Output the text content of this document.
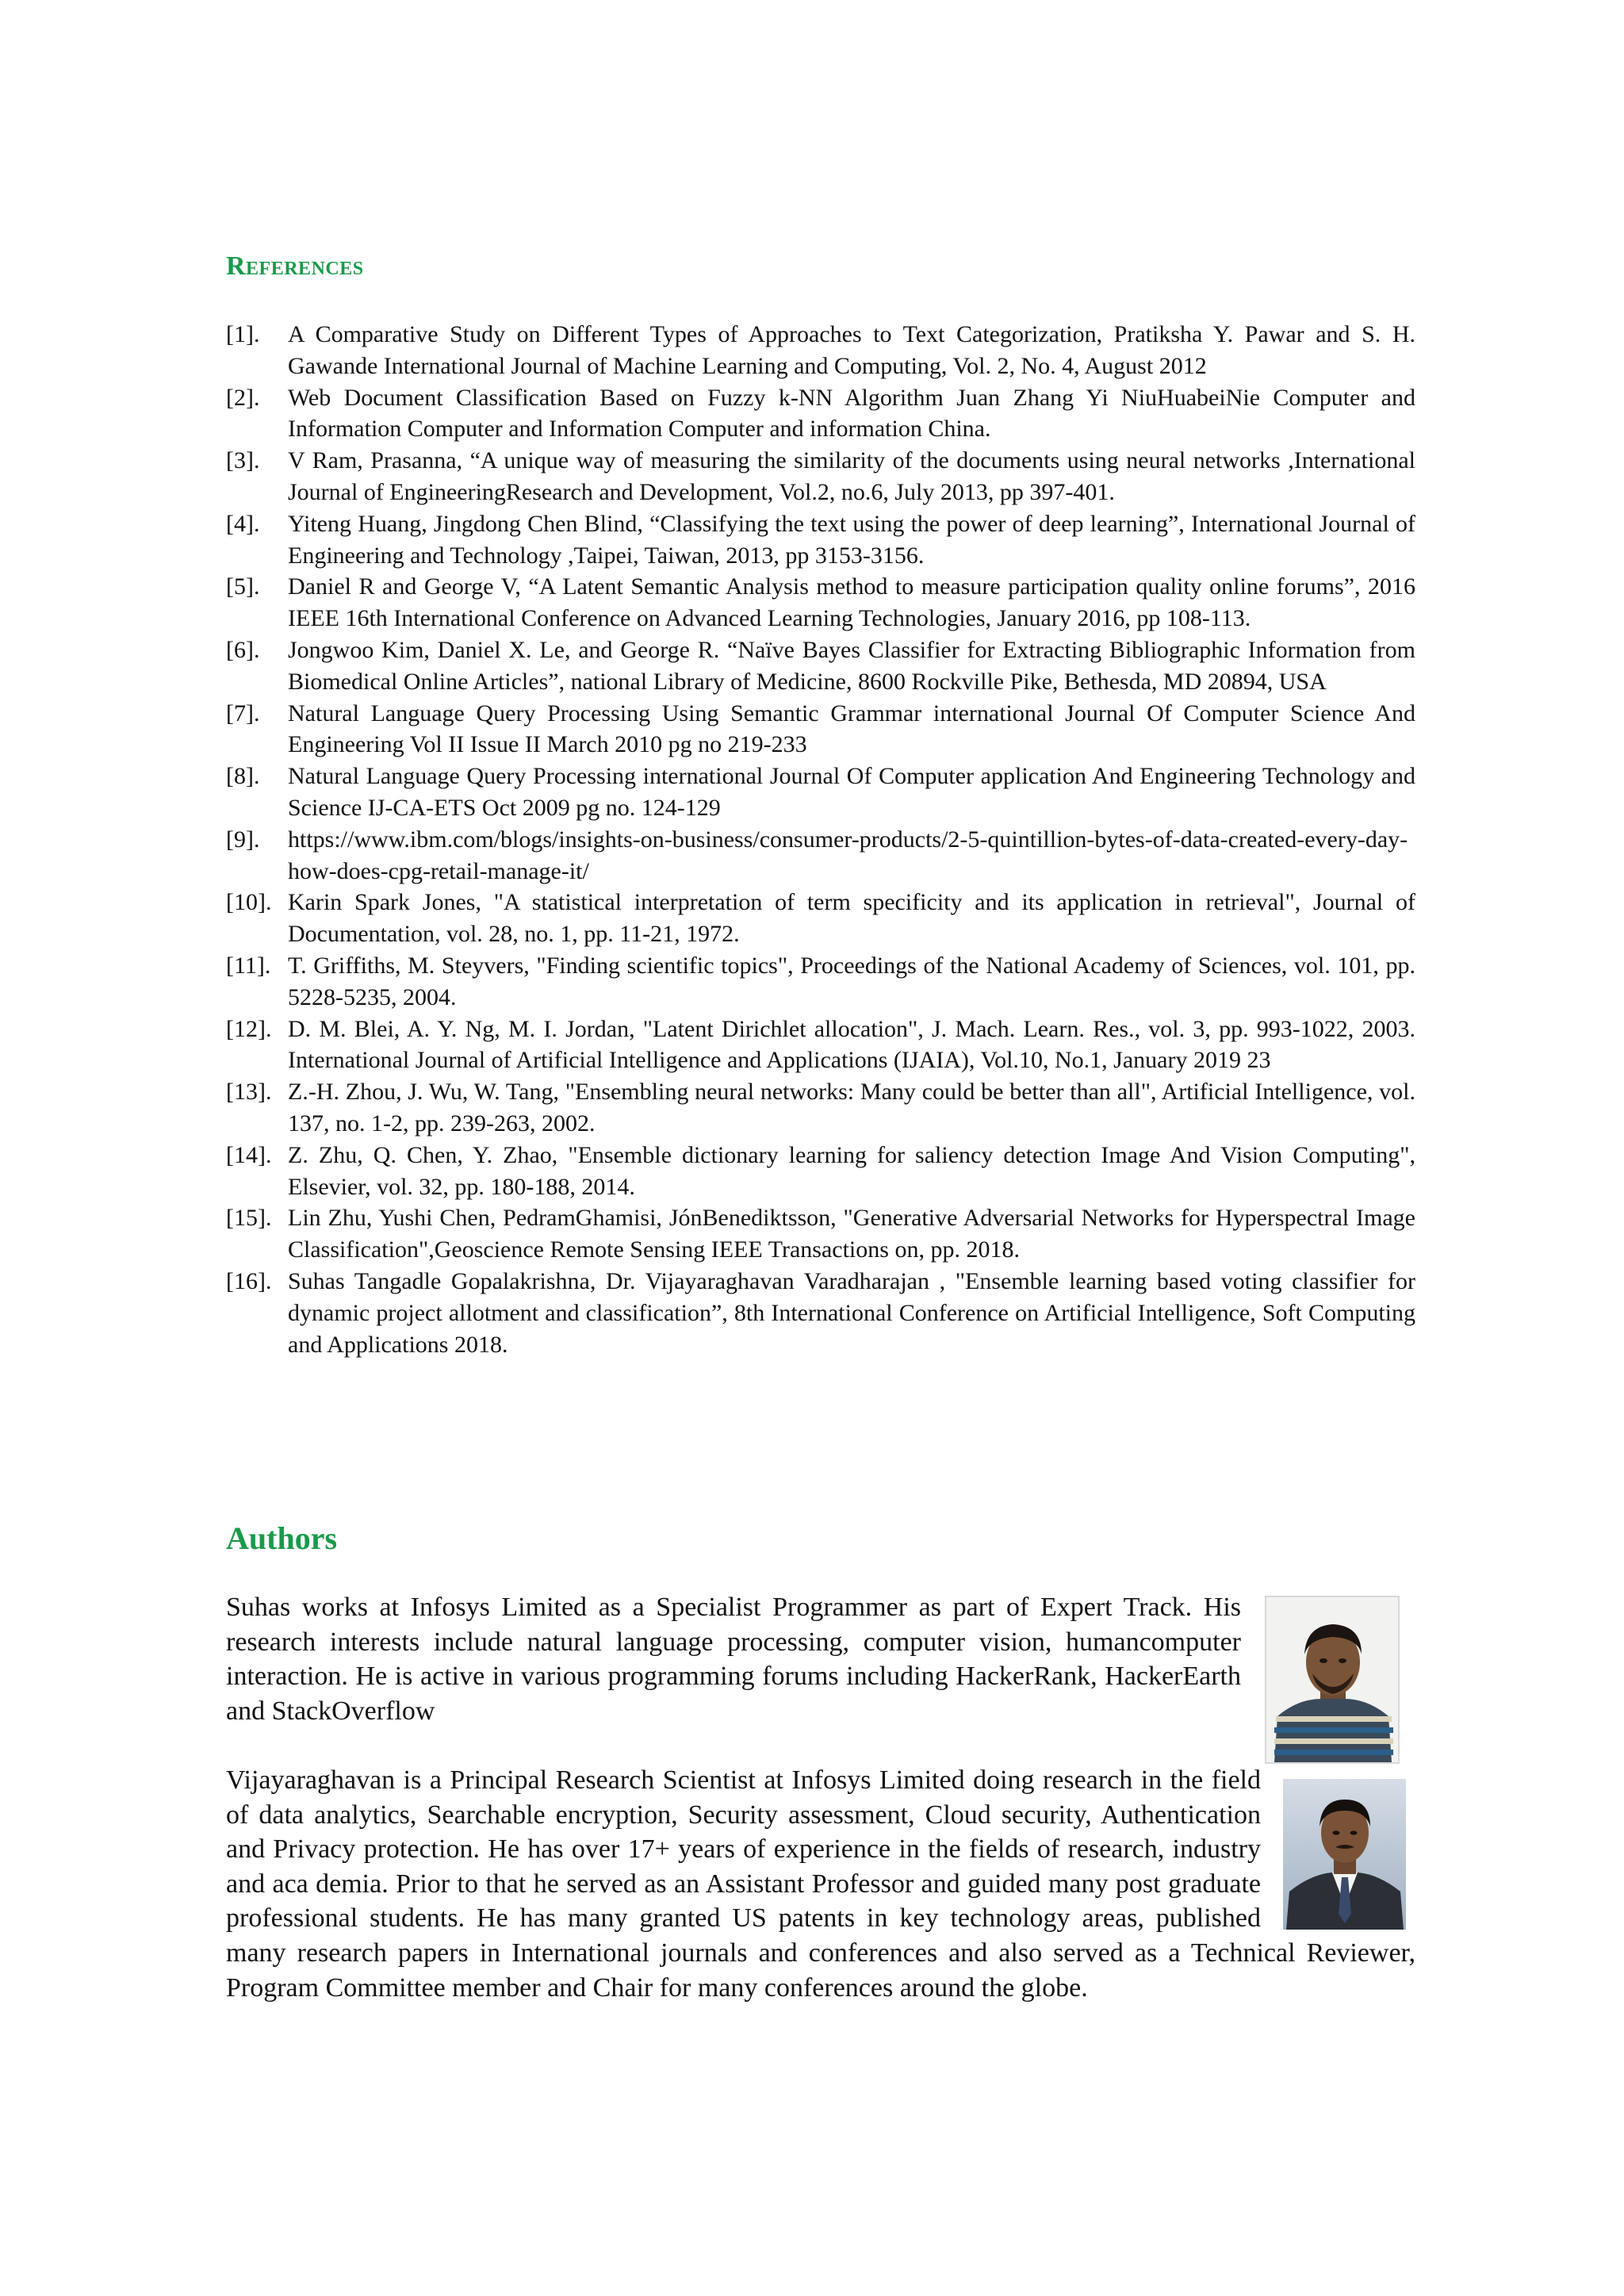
References
[1]. A Comparative Study on Different Types of Approaches to Text Categorization, Pratiksha Y. Pawar and S. H. Gawande International Journal of Machine Learning and Computing, Vol. 2, No. 4, August 2012
[2]. Web Document Classification Based on Fuzzy k-NN Algorithm Juan Zhang Yi NiuHuabeiNie Computer and Information Computer and Information Computer and information China.
[3]. V Ram, Prasanna, “A unique way of measuring the similarity of the documents using neural networks ,International Journal of EngineeringResearch and Development, Vol.2, no.6, July 2013, pp 397-401.
[4]. Yiteng Huang, Jingdong Chen Blind, “Classifying the text using the power of deep learning”, International Journal of Engineering and Technology ,Taipei, Taiwan, 2013, pp 3153-3156.
[5]. Daniel R and George V, “A Latent Semantic Analysis method to measure participation quality online forums”, 2016 IEEE 16th International Conference on Advanced Learning Technologies, January 2016, pp 108-113.
[6]. Jongwoo Kim, Daniel X. Le, and George R. “Naïve Bayes Classifier for Extracting Bibliographic Information from Biomedical Online Articles”, national Library of Medicine, 8600 Rockville Pike, Bethesda, MD 20894, USA
[7]. Natural Language Query Processing Using Semantic Grammar international Journal Of Computer Science And Engineering Vol II Issue II March 2010 pg no 219-233
[8]. Natural Language Query Processing international Journal Of Computer application And Engineering Technology and Science IJ-CA-ETS Oct 2009 pg no. 124-129
[9]. https://www.ibm.com/blogs/insights-on-business/consumer-products/2-5-quintillion-bytes-of-data-created-every-day-how-does-cpg-retail-manage-it/
[10]. Karin Spark Jones, "A statistical interpretation of term specificity and its application in retrieval", Journal of Documentation, vol. 28, no. 1, pp. 11-21, 1972.
[11]. T. Griffiths, M. Steyvers, "Finding scientific topics", Proceedings of the National Academy of Sciences, vol. 101, pp. 5228-5235, 2004.
[12]. D. M. Blei, A. Y. Ng, M. I. Jordan, "Latent Dirichlet allocation", J. Mach. Learn. Res., vol. 3, pp. 993-1022, 2003. International Journal of Artificial Intelligence and Applications (IJAIA), Vol.10, No.1, January 2019 23
[13]. Z.-H. Zhou, J. Wu, W. Tang, "Ensembling neural networks: Many could be better than all", Artificial Intelligence, vol. 137, no. 1-2, pp. 239-263, 2002.
[14]. Z. Zhu, Q. Chen, Y. Zhao, "Ensemble dictionary learning for saliency detection Image And Vision Computing", Elsevier, vol. 32, pp. 180-188, 2014.
[15]. Lin Zhu, Yushi Chen, PedramGhamisi, JónBenediktsson, "Generative Adversarial Networks for Hyperspectral Image Classification",Geoscience Remote Sensing IEEE Transactions on, pp. 2018.
[16]. Suhas Tangadle Gopalakrishna, Dr. Vijayaraghavan Varadharajan , "Ensemble learning based voting classifier for dynamic project allotment and classification”, 8th International Conference on Artificial Intelligence, Soft Computing and Applications 2018.
Authors
Suhas works at Infosys Limited as a Specialist Programmer as part of Expert Track. His research interests include natural language processing, computer vision, humancomputer interaction. He is active in various programming forums including HackerRank, HackerEarth and StackOverflow
Vijayaraghavan is a Principal Research Scientist at Infosys Limited doing research in the field of data analytics, Searchable encryption, Security assessment, Cloud security, Authentication and Privacy protection. He has over 17+ years of experience in the fields of research, industry and aca demia. Prior to that he served as an Assistant Professor and guided many post graduate professional students. He has many granted US patents in key technology areas, published many research papers in International journals and conferences and also served as a Technical Reviewer, Program Committee member and Chair for many conferences around the globe.
